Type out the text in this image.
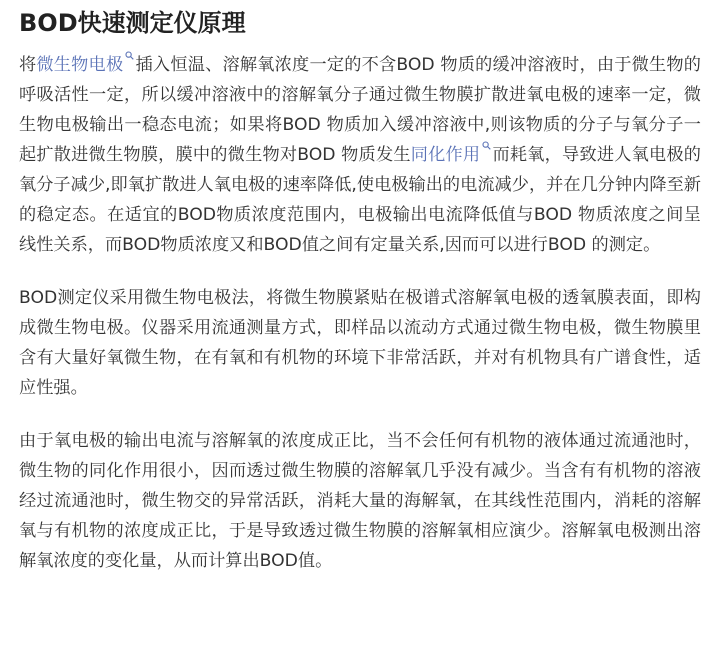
BOD快速测定仪原理

将微生物电极 插入恒温、溶解氧浓度一定的不含BOD 物质的缓冲溶液时，由于微生物的呼吸活性一定，所以缓冲溶液中的溶解氧分子通过微生物膜扩散进氧电极的速率一定，微生物电极输出一稳态电流；如果将BOD 物质加入缓冲溶液中,则该物质的分子与氧分子一起扩散进微生物膜，膜中的微生物对BOD 物质发生同化作用 而耗氧，导致进人氧电极的氧分子减少,即氧扩散进人氧电极的速率降低,使电极输出的电流减少，并在几分钟内降至新的稳定态。在适宜的BOD物质浓度范围内，电极输出电流降低值与BOD 物质浓度之间呈线性关系，而BOD物质浓度又和BOD值之间有定量关系,因而可以进行BOD 的测定。

BOD测定仪采用微生物电极法，将微生物膜紧贴在极谱式溶解氧电极的透氧膜表面，即构成微生物电极。仪器采用流通测量方式，即样品以流动方式通过微生物电极，微生物膜里含有大量好氧微生物，在有氧和有机物的环境下非常活跃，并对有机物具有广谱食性，适应性强。

由于氧电极的输出电流与溶解氧的浓度成正比，当不会任何有机物的液体通过流通池时，微生物的同化作用很小，因而透过微生物膜的溶解氧几乎没有减少。当含有有机物的溶液经过流通池时，微生物交的异常活跃，消耗大量的海解氧，在其线性范围内，消耗的溶解氧与有机物的浓度成正比，于是导致透过微生物膜的溶解氧相应演少。溶解氧电极测出溶解氧浓度的变化量，从而计算出BOD值。
